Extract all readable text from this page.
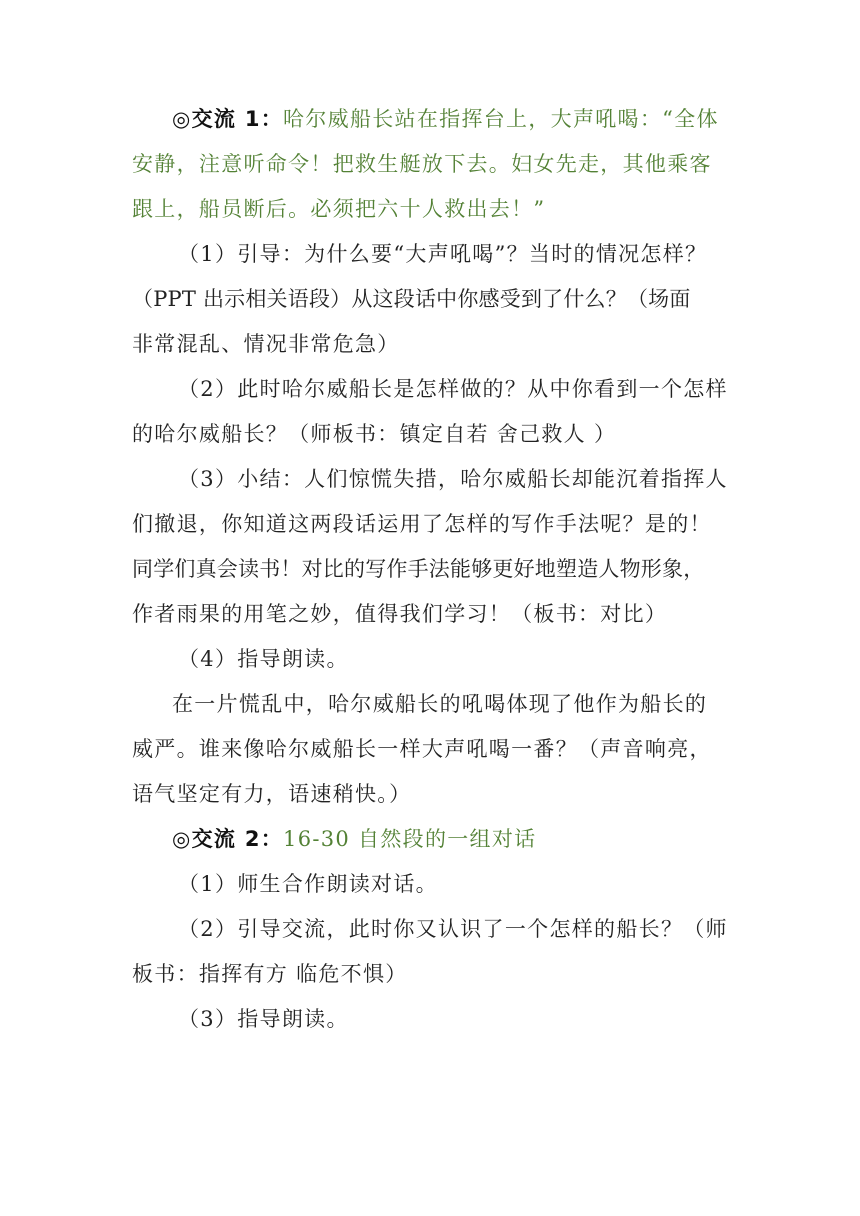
◎交流 1：哈尔威船长站在指挥台上，大声吼喝：“全体
安静，注意听命令！把救生艇放下去。妇女先走，其他乘客
跟上，船员断后。必须把六十人救出去！”

（1）引导：为什么要“大声吼喝”？当时的情况怎样？
（PPT 出示相关语段）从这段话中你感受到了什么？（场面
非常混乱、情况非常危急）

（2）此时哈尔威船长是怎样做的？从中你看到一个怎样
的哈尔威船长？（师板书：镇定自若 舍己救人 ）

（3）小结：人们惊慌失措，哈尔威船长却能沉着指挥人
们撤退，你知道这两段话运用了怎样的写作手法呢？是的！
同学们真会读书！对比的写作手法能够更好地塑造人物形象，
作者雨果的用笔之妙，值得我们学习！（板书：对比）

（4）指导朗读。

在一片慌乱中，哈尔威船长的吼喝体现了他作为船长的
威严。谁来像哈尔威船长一样大声吼喝一番？（声音响亮，
语气坚定有力，语速稍快。）

◎交流 2：16-30 自然段的一组对话

（1）师生合作朗读对话。

（2）引导交流，此时你又认识了一个怎样的船长？（师
板书：指挥有方 临危不惧）

（3）指导朗读。
